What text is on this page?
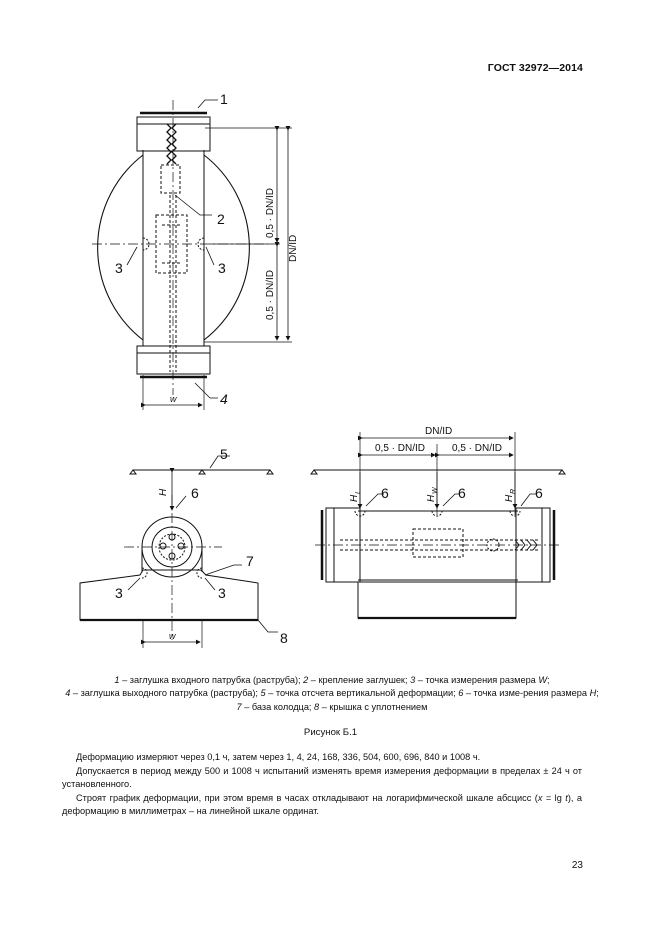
ГОСТ 32972—2014
1
2
3	3
4
0,5 · DN/ID
0,5 · DN/ID
DN/ID
w
5
6
7
3	3
8
H
w
DN/ID
0,5 · DN/ID	0,5 · DN/ID
H
L
H
W
H
R
6	6	6
1 – заглушка входного патрубка (раструба); 2 – крепление заглушек; 3 – точка измерения размера W;
4 – заглушка выходного патрубка (раструба); 5 – точка отсчета вертикальной деформации; 6 – точка изме-рения размера H; 7 – база колодца; 8 – крышка с уплотнением
Рисунок Б.1
Деформацию измеряют через 0,1 ч, затем через 1, 4, 24, 168, 336, 504, 600, 696, 840 и 1008 ч.
Допускается в период между 500 и 1008 ч испытаний изменять время измерения деформации в пределах ± 24 ч от установленного.
Строят график деформации, при этом время в часах откладывают на логарифмической шкале абсцисс (x = lg t), а деформацию в миллиметрах – на линейной шкале ординат.
23
